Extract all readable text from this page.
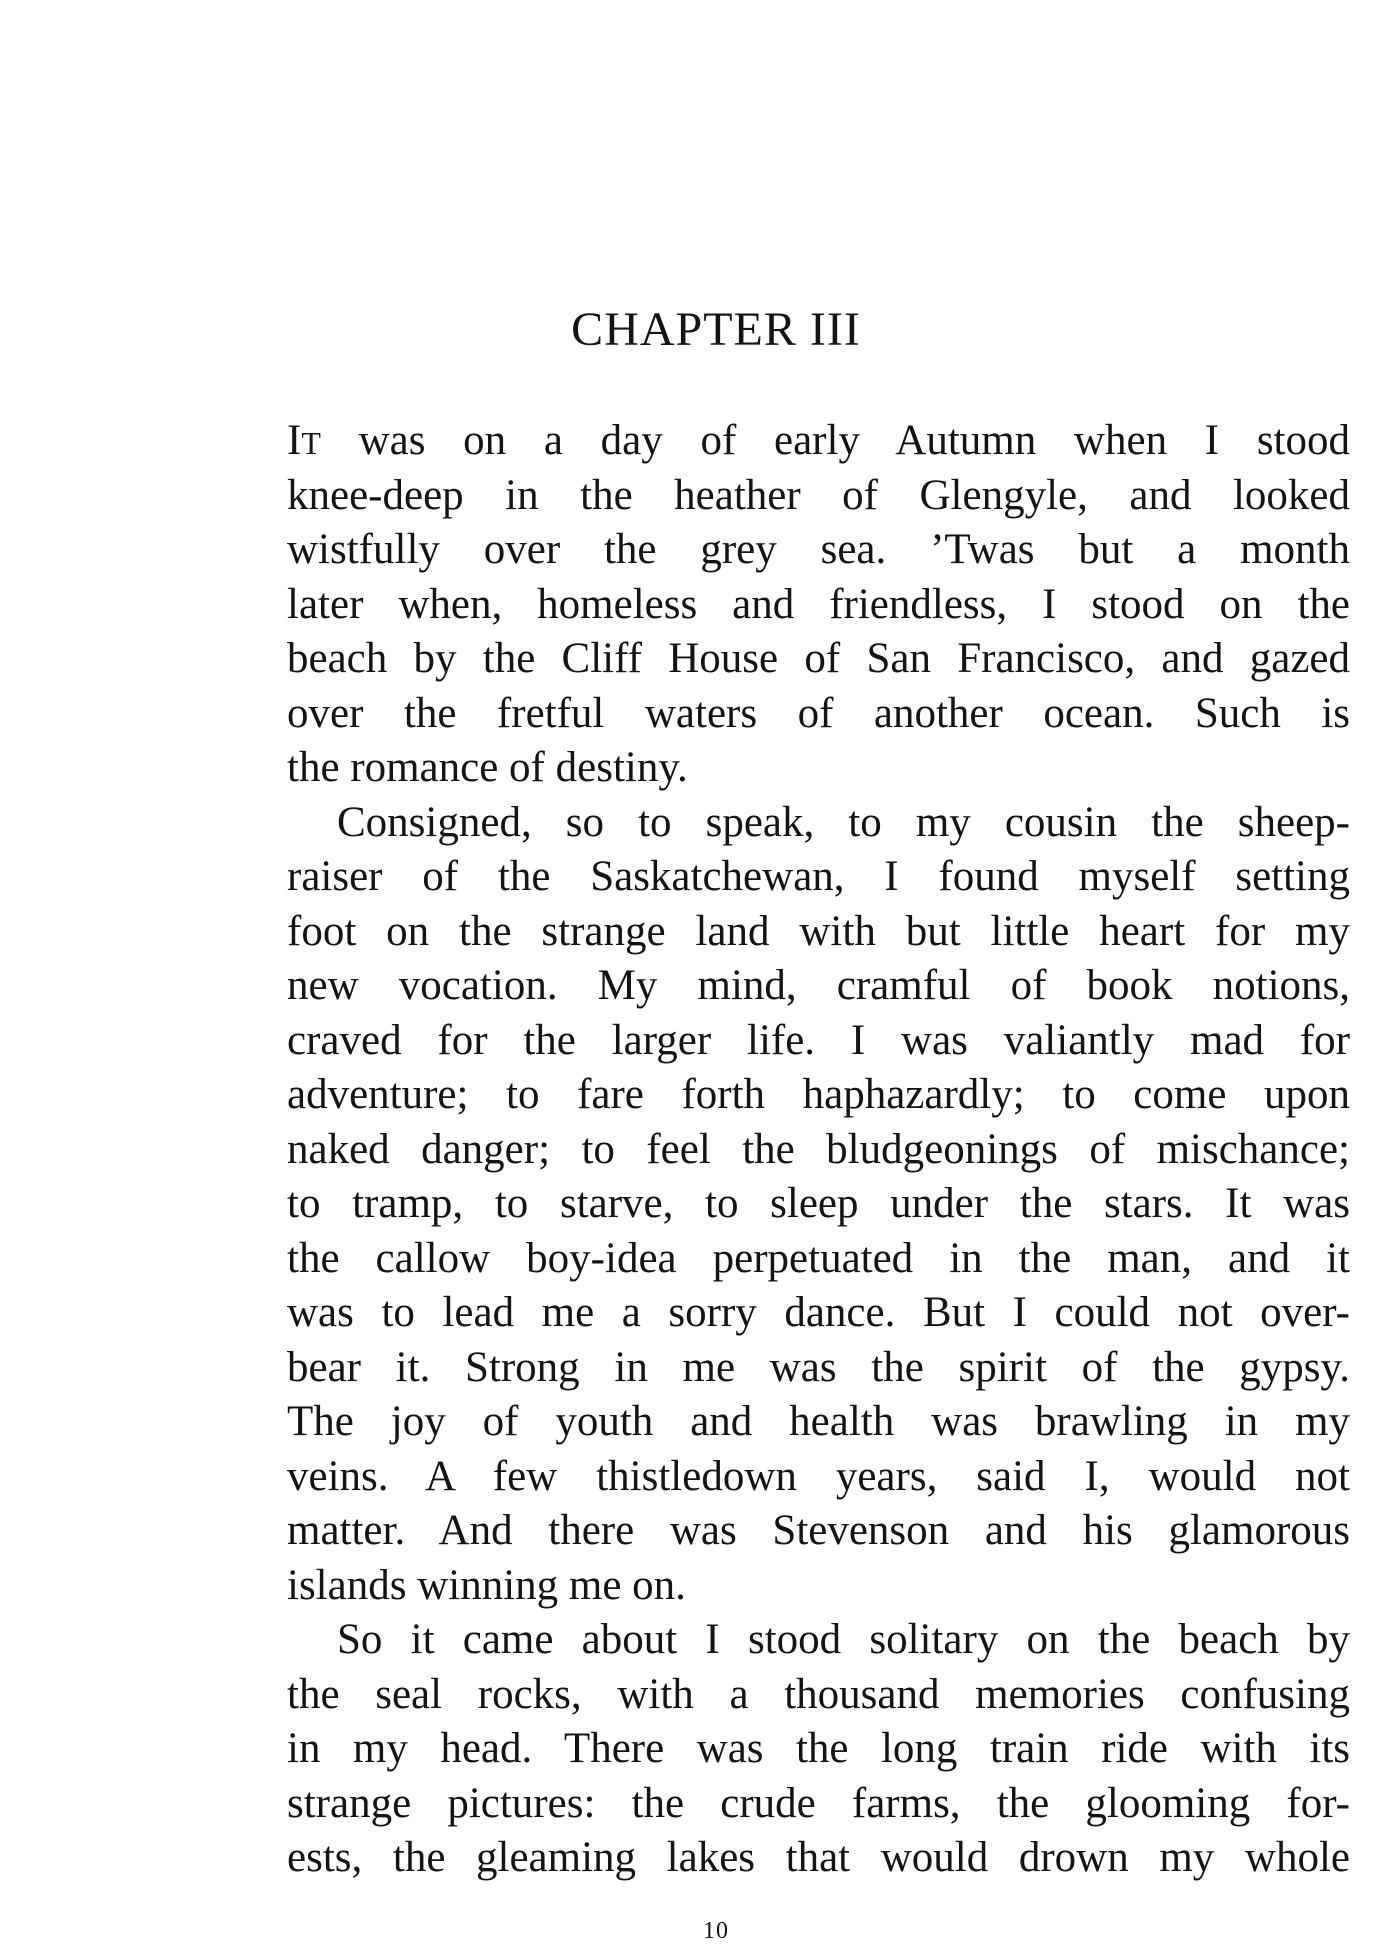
CHAPTER III
IT was on a day of early Autumn when I stood
knee-deep in the heather of Glengyle, and looked
wistfully over the grey sea. ’Twas but a month
later when, homeless and friendless, I stood on the
beach by the Cliff House of San Francisco, and gazed
over the fretful waters of another ocean. Such is
the romance of destiny.
Consigned, so to speak, to my cousin the sheep-
raiser of the Saskatchewan, I found myself setting
foot on the strange land with but little heart for my
new vocation. My mind, cramful of book notions,
craved for the larger life. I was valiantly mad for
adventure; to fare forth haphazardly; to come upon
naked danger; to feel the bludgeonings of mischance;
to tramp, to starve, to sleep under the stars. It was
the callow boy-idea perpetuated in the man, and it
was to lead me a sorry dance. But I could not over-
bear it. Strong in me was the spirit of the gypsy.
The joy of youth and health was brawling in my
veins. A few thistledown years, said I, would not
matter. And there was Stevenson and his glamorous
islands winning me on.
So it came about I stood solitary on the beach by
the seal rocks, with a thousand memories confusing
in my head. There was the long train ride with its
strange pictures: the crude farms, the glooming for-
ests, the gleaming lakes that would drown my whole
10
